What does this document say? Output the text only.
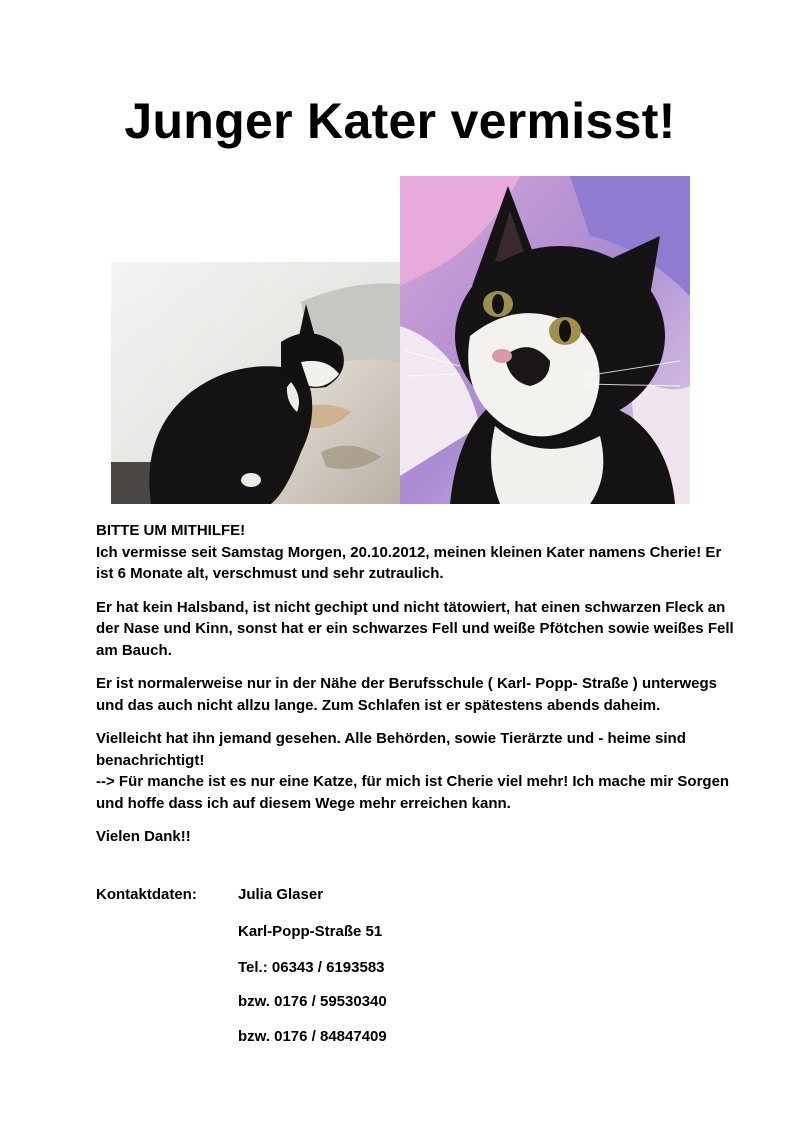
Junger Kater vermisst!

BITTE UM MITHILFE!
Ich vermisse seit Samstag Morgen, 20.10.2012, meinen kleinen Kater namens Cherie! Er ist 6 Monate alt, verschmust und sehr zutraulich.

Er hat kein Halsband, ist nicht gechipt und nicht tätowiert, hat einen schwarzen Fleck an der Nase und Kinn, sonst hat er ein schwarzes Fell und weiße Pfötchen sowie weißes Fell am Bauch.

Er ist normalerweise nur in der Nähe der Berufsschule ( Karl- Popp- Straße ) unterwegs und das auch nicht allzu lange. Zum Schlafen ist er spätestens abends daheim.

Vielleicht hat ihn jemand gesehen. Alle Behörden, sowie Tierärzte und - heime sind benachrichtigt!

--> Für manche ist es nur eine Katze, für mich ist Cherie viel mehr! Ich mache mir Sorgen und hoffe dass ich auf diesem Wege mehr erreichen kann.

Vielen Dank!!

Kontaktdaten:	Julia Glaser
Karl-Popp-Straße 51
Tel.: 06343 / 6193583
bzw. 0176 / 59530340
bzw. 0176 / 84847409
